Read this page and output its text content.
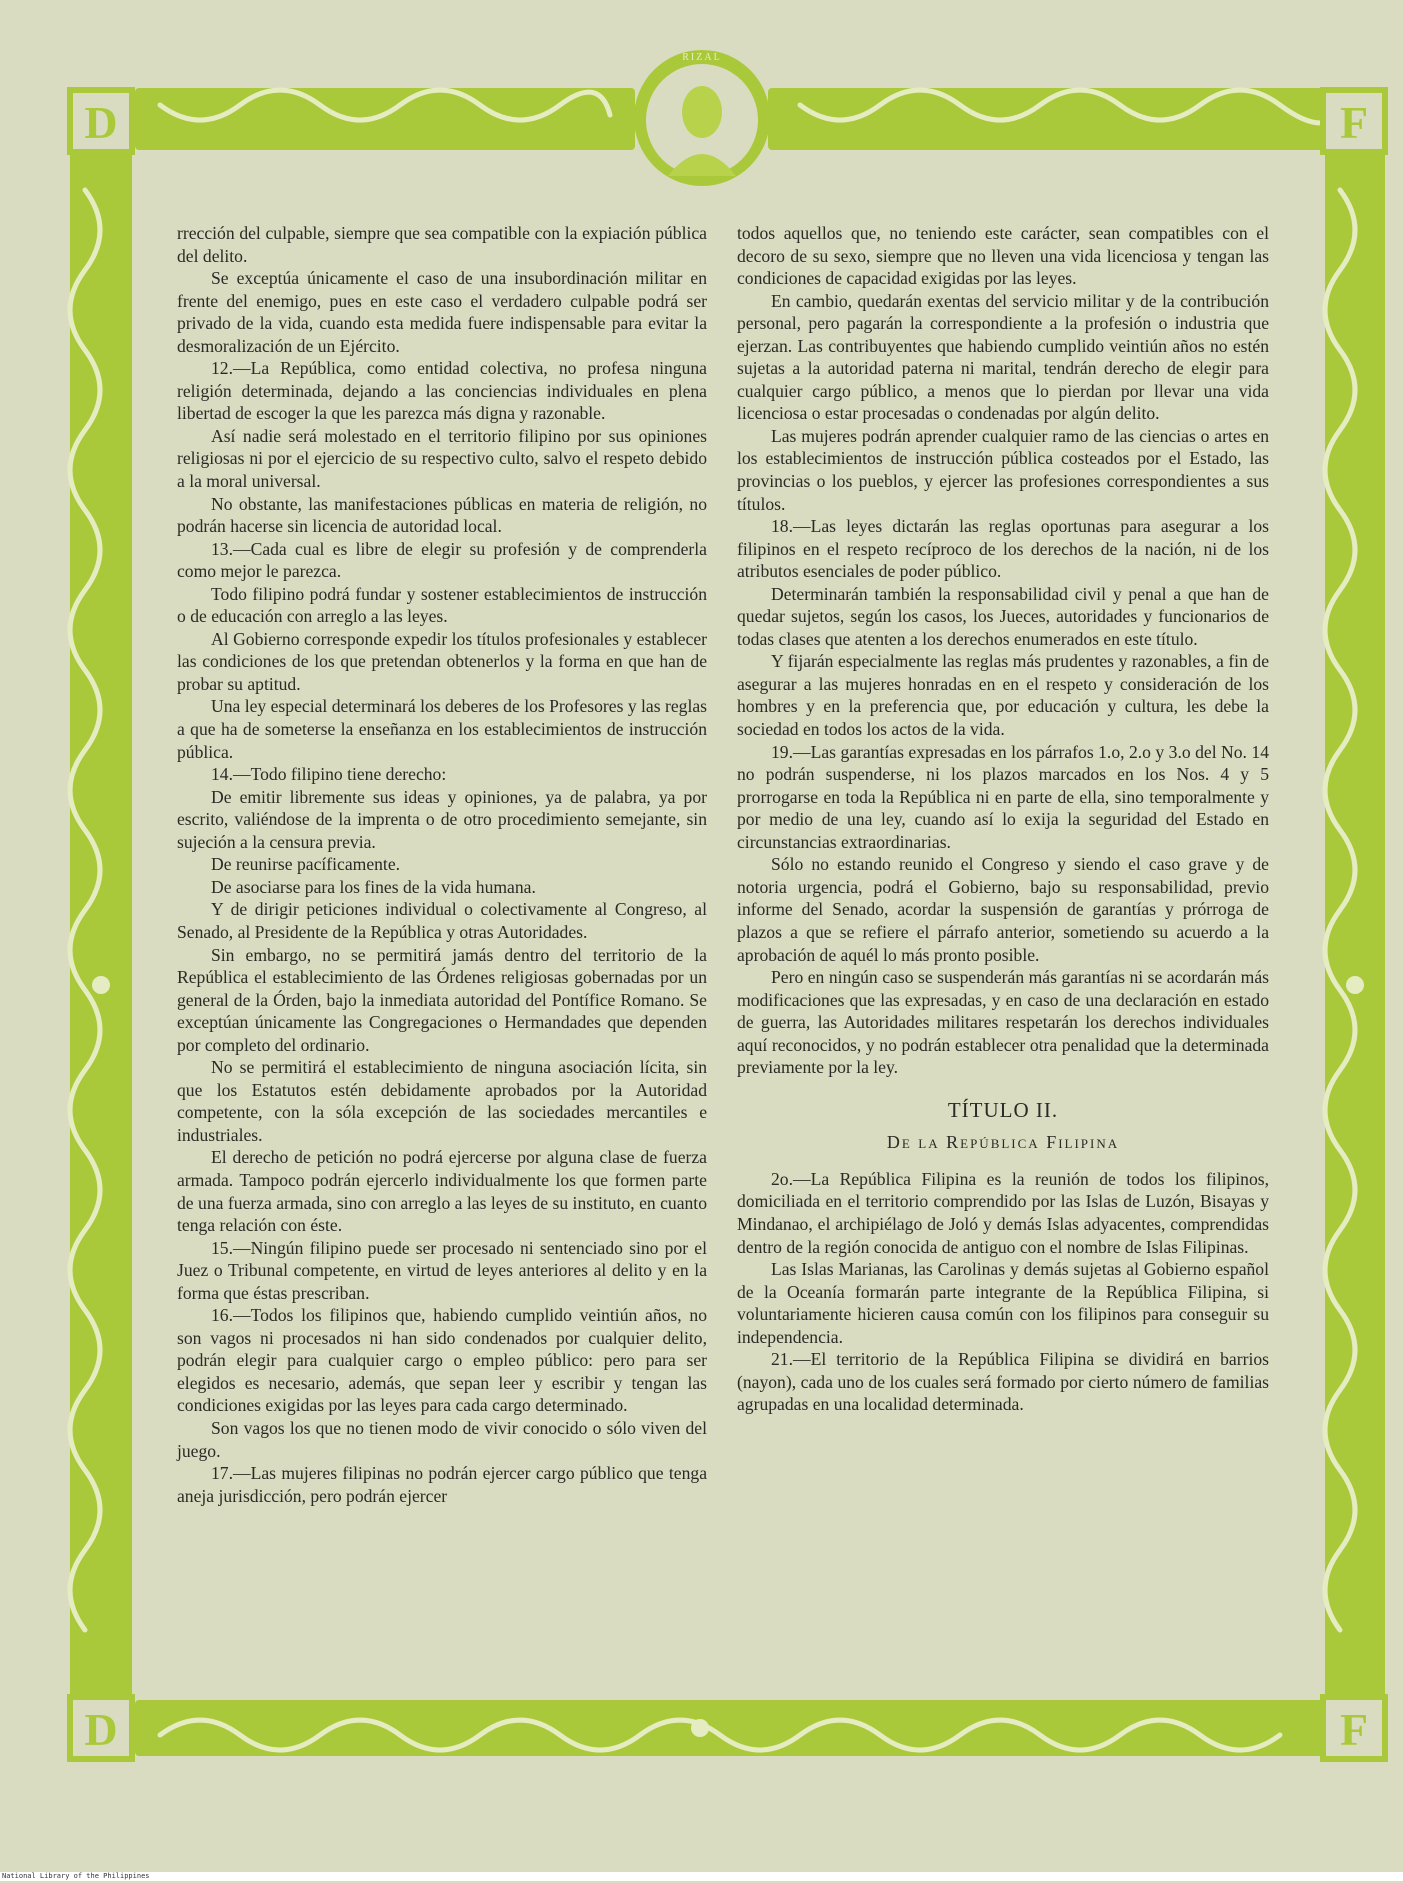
D	F
D	F
RIZAL

rrección del culpable, siempre que sea compatible con la expiación pública del delito.

Se exceptúa únicamente el caso de una insubordinación militar en frente del enemigo, pues en este caso el verdadero culpable podrá ser privado de la vida, cuando esta medida fuere indispensable para evitar la desmoralización de un Ejército.

12.—La República, como entidad colectiva, no profesa ninguna religión determinada, dejando a las conciencias individuales en plena libertad de escoger la que les parezca más digna y razonable.

Así nadie será molestado en el territorio filipino por sus opiniones religiosas ni por el ejercicio de su respectivo culto, salvo el respeto debido a la moral universal.

No obstante, las manifestaciones públicas en materia de religión, no podrán hacerse sin licencia de autoridad local.

13.—Cada cual es libre de elegir su profesión y de comprenderla como mejor le parezca.

Todo filipino podrá fundar y sostener establecimientos de instrucción o de educación con arreglo a las leyes.

Al Gobierno corresponde expedir los títulos profesionales y establecer las condiciones de los que pretendan obtenerlos y la forma en que han de probar su aptitud.

Una ley especial determinará los deberes de los Profesores y las reglas a que ha de someterse la enseñanza en los establecimientos de instrucción pública.

14.—Todo filipino tiene derecho:

De emitir libremente sus ideas y opiniones, ya de palabra, ya por escrito, valiéndose de la imprenta o de otro procedimiento semejante, sin sujeción a la censura previa.

De reunirse pacíficamente.

De asociarse para los fines de la vida humana.

Y de dirigir peticiones individual o colectivamente al Congreso, al Senado, al Presidente de la República y otras Autoridades.

Sin embargo, no se permitirá jamás dentro del territorio de la República el establecimiento de las Órdenes religiosas gobernadas por un general de la Órden, bajo la inmediata autoridad del Pontífice Romano. Se exceptúan únicamente las Congregaciones o Hermandades que dependen por completo del ordinario.

No se permitirá el establecimiento de ninguna asociación lícita, sin que los Estatutos estén debidamente aprobados por la Autoridad competente, con la sóla excepción de las sociedades mercantiles e industriales.

El derecho de petición no podrá ejercerse por alguna clase de fuerza armada. Tampoco podrán ejercerlo individualmente los que formen parte de una fuerza armada, sino con arreglo a las leyes de su instituto, en cuanto tenga relación con éste.

15.—Ningún filipino puede ser procesado ni sentenciado sino por el Juez o Tribunal competente, en virtud de leyes anteriores al delito y en la forma que éstas prescriban.

16.—Todos los filipinos que, habiendo cumplido veintiún años, no son vagos ni procesados ni han sido condenados por cualquier delito, podrán elegir para cualquier cargo o empleo público: pero para ser elegidos es necesario, además, que sepan leer y escribir y tengan las condiciones exigidas por las leyes para cada cargo determinado.

Son vagos los que no tienen modo de vivir conocido o sólo viven del juego.

17.—Las mujeres filipinas no podrán ejercer cargo público que tenga aneja jurisdicción, pero podrán ejercer

todos aquellos que, no teniendo este carácter, sean compatibles con el decoro de su sexo, siempre que no lleven una vida licenciosa y tengan las condiciones de capacidad exigidas por las leyes.

En cambio, quedarán exentas del servicio militar y de la contribución personal, pero pagarán la correspondiente a la profesión o industria que ejerzan. Las contribuyentes que habiendo cumplido veintiún años no estén sujetas a la autoridad paterna ni marital, tendrán derecho de elegir para cualquier cargo público, a menos que lo pierdan por llevar una vida licenciosa o estar procesadas o condenadas por algún delito.

Las mujeres podrán aprender cualquier ramo de las ciencias o artes en los establecimientos de instrucción pública costeados por el Estado, las provincias o los pueblos, y ejercer las profesiones correspondientes a sus títulos.

18.—Las leyes dictarán las reglas oportunas para asegurar a los filipinos en el respeto recíproco de los derechos de la nación, ni de los atributos esenciales de poder público.

Determinarán también la responsabilidad civil y penal a que han de quedar sujetos, según los casos, los Jueces, autoridades y funcionarios de todas clases que atenten a los derechos enumerados en este título.

Y fijarán especialmente las reglas más prudentes y razonables, a fin de asegurar a las mujeres honradas en en el respeto y consideración de los hombres y en la preferencia que, por educación y cultura, les debe la sociedad en todos los actos de la vida.

19.—Las garantías expresadas en los párrafos 1.o, 2.o y 3.o del No. 14 no podrán suspenderse, ni los plazos marcados en los Nos. 4 y 5 prorrogarse en toda la República ni en parte de ella, sino temporalmente y por medio de una ley, cuando así lo exija la seguridad del Estado en circunstancias extraordinarias.

Sólo no estando reunido el Congreso y siendo el caso grave y de notoria urgencia, podrá el Gobierno, bajo su responsabilidad, previo informe del Senado, acordar la suspensión de garantías y prórroga de plazos a que se refiere el párrafo anterior, sometiendo su acuerdo a la aprobación de aquél lo más pronto posible.

Pero en ningún caso se suspenderán más garantías ni se acordarán más modificaciones que las expresadas, y en caso de una declaración en estado de guerra, las Autoridades militares respetarán los derechos individuales aquí reconocidos, y no podrán establecer otra penalidad que la determinada previamente por la ley.

TÍTULO II.
De la República Filipina

2o.—La República Filipina es la reunión de todos los filipinos, domiciliada en el territorio comprendido por las Islas de Luzón, Bisayas y Mindanao, el archipiélago de Joló y demás Islas adyacentes, comprendidas dentro de la región conocida de antiguo con el nombre de Islas Filipinas.

Las Islas Marianas, las Carolinas y demás sujetas al Gobierno español de la Oceanía formarán parte integrante de la República Filipina, si voluntariamente hicieren causa común con los filipinos para conseguir su independencia.

21.—El territorio de la República Filipina se dividirá en barrios (nayon), cada uno de los cuales será formado por cierto número de familias agrupadas en una localidad determinada.

National Library of the Philippines
